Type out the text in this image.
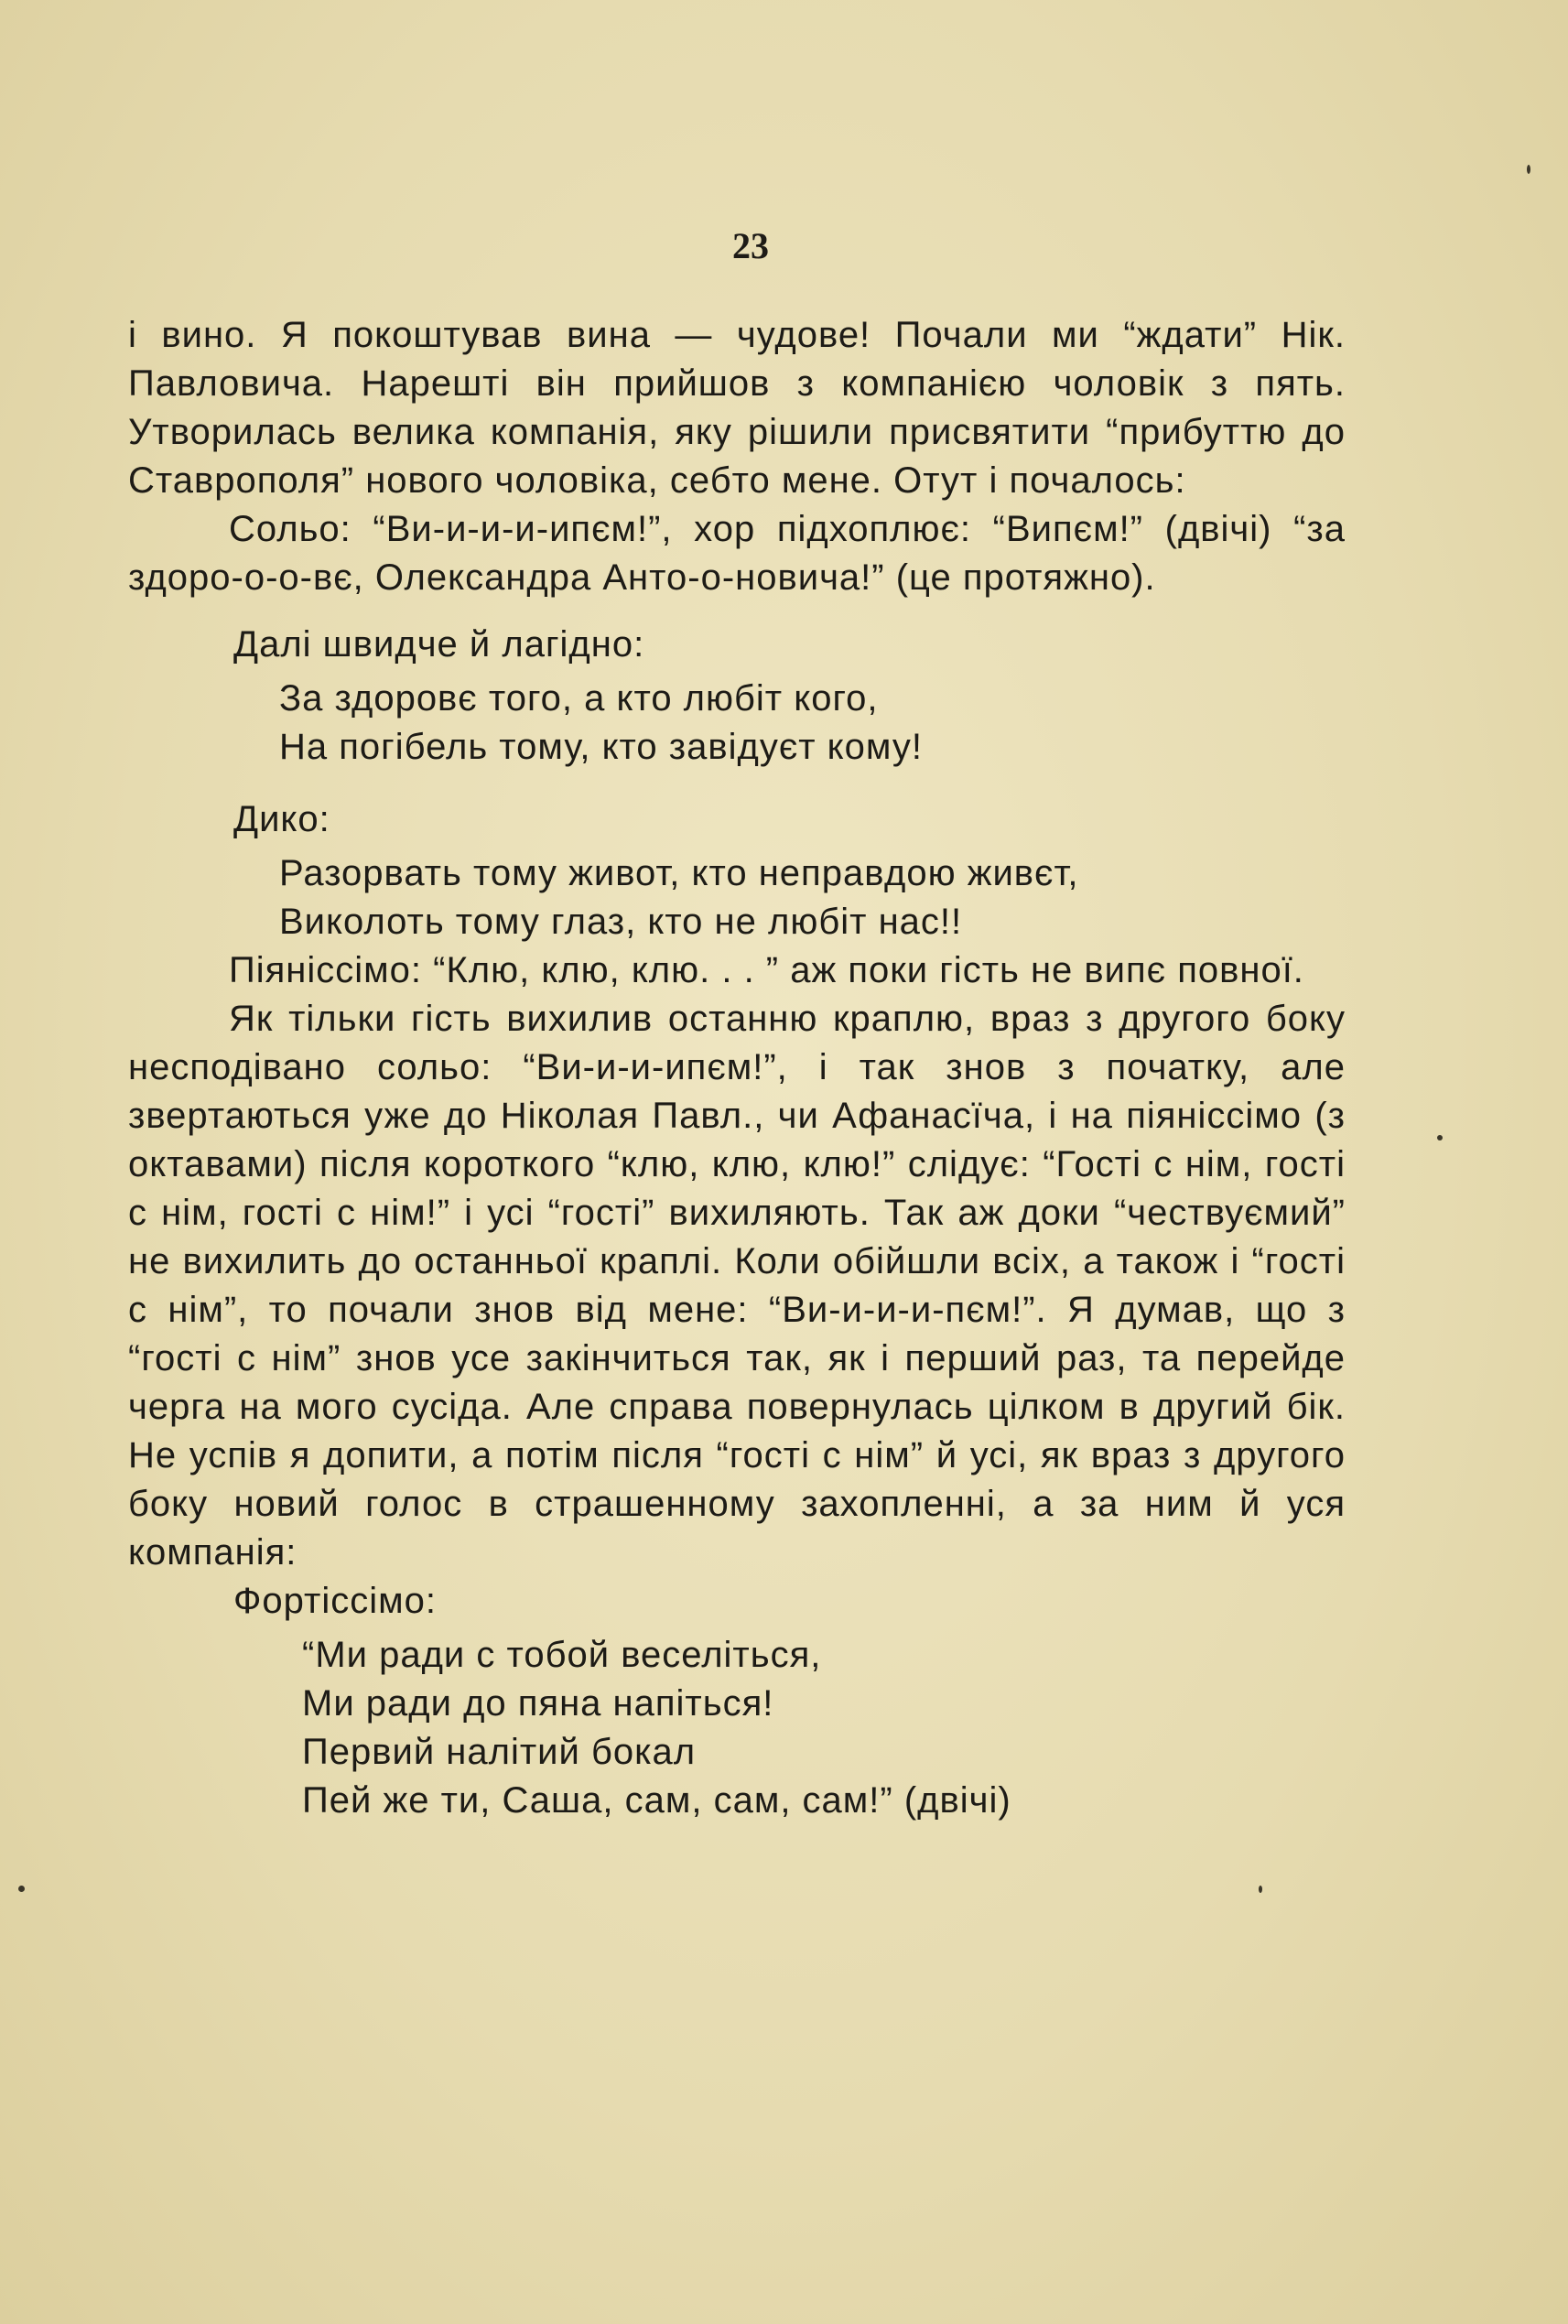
23

і вино. Я покоштував вина — чудове! Почали ми “ждати” Нік. Павловича. Нарешті він прийшов з компанією чоловік з пять. Утворилась велика компанія, яку рішили присвятити “прибуттю до Ставрополя” нового чоловіка, себто мене. Отут і почалось:

Сольо: “Ви-и-и-и-ипєм!”, хор підхоплює: “Випєм!” (двічі) “за здоро-о-о-вє, Олександра Анто-о-новича!” (це протяжно).

Далі швидче й лагідно:

За здоровє того, а кто любіт кого,
На погібель тому, кто завідуєт кому!

Дико:

Разорвать тому живот, кто неправдою живєт,
Виколоть тому глаз, кто не любіт нас!!

Піяніссімо: “Клю, клю, клю. . . ” аж поки гість не випє повної.

Як тільки гість вихилив останню краплю, враз з другого боку несподівано сольо: “Ви-и-и-ипєм!”, і так знов з початку, але звертаються уже до Ніколая Павл., чи Афанасїча, і на піяніссімо (з октавами) після короткого “клю, клю, клю!” слідує: “Гості с нім, гості с нім, гості с нім!” і усі “гості” вихиляють. Так аж доки “чествуємий” не вихилить до останньої краплі. Коли обійшли всіх, а також і “гості с нім”, то почали знов від мене: “Ви-и-и-и-пєм!”. Я думав, що з “гості с нім” знов усе закінчиться так, як і перший раз, та перейде черга на мого сусіда. Але справа повернулась цілком в другий бік. Не успів я допити, а потім після “гості с нім” й усі, як враз з другого боку новий голос в страшенному захопленні, а за ним й уся компанія:

Фортіссімо:

“Ми ради с тобой веселіться,
Ми ради до пяна напіться!
Первий налітий бокал
Пей же ти, Саша, сам, сам, сам!” (двічі)
